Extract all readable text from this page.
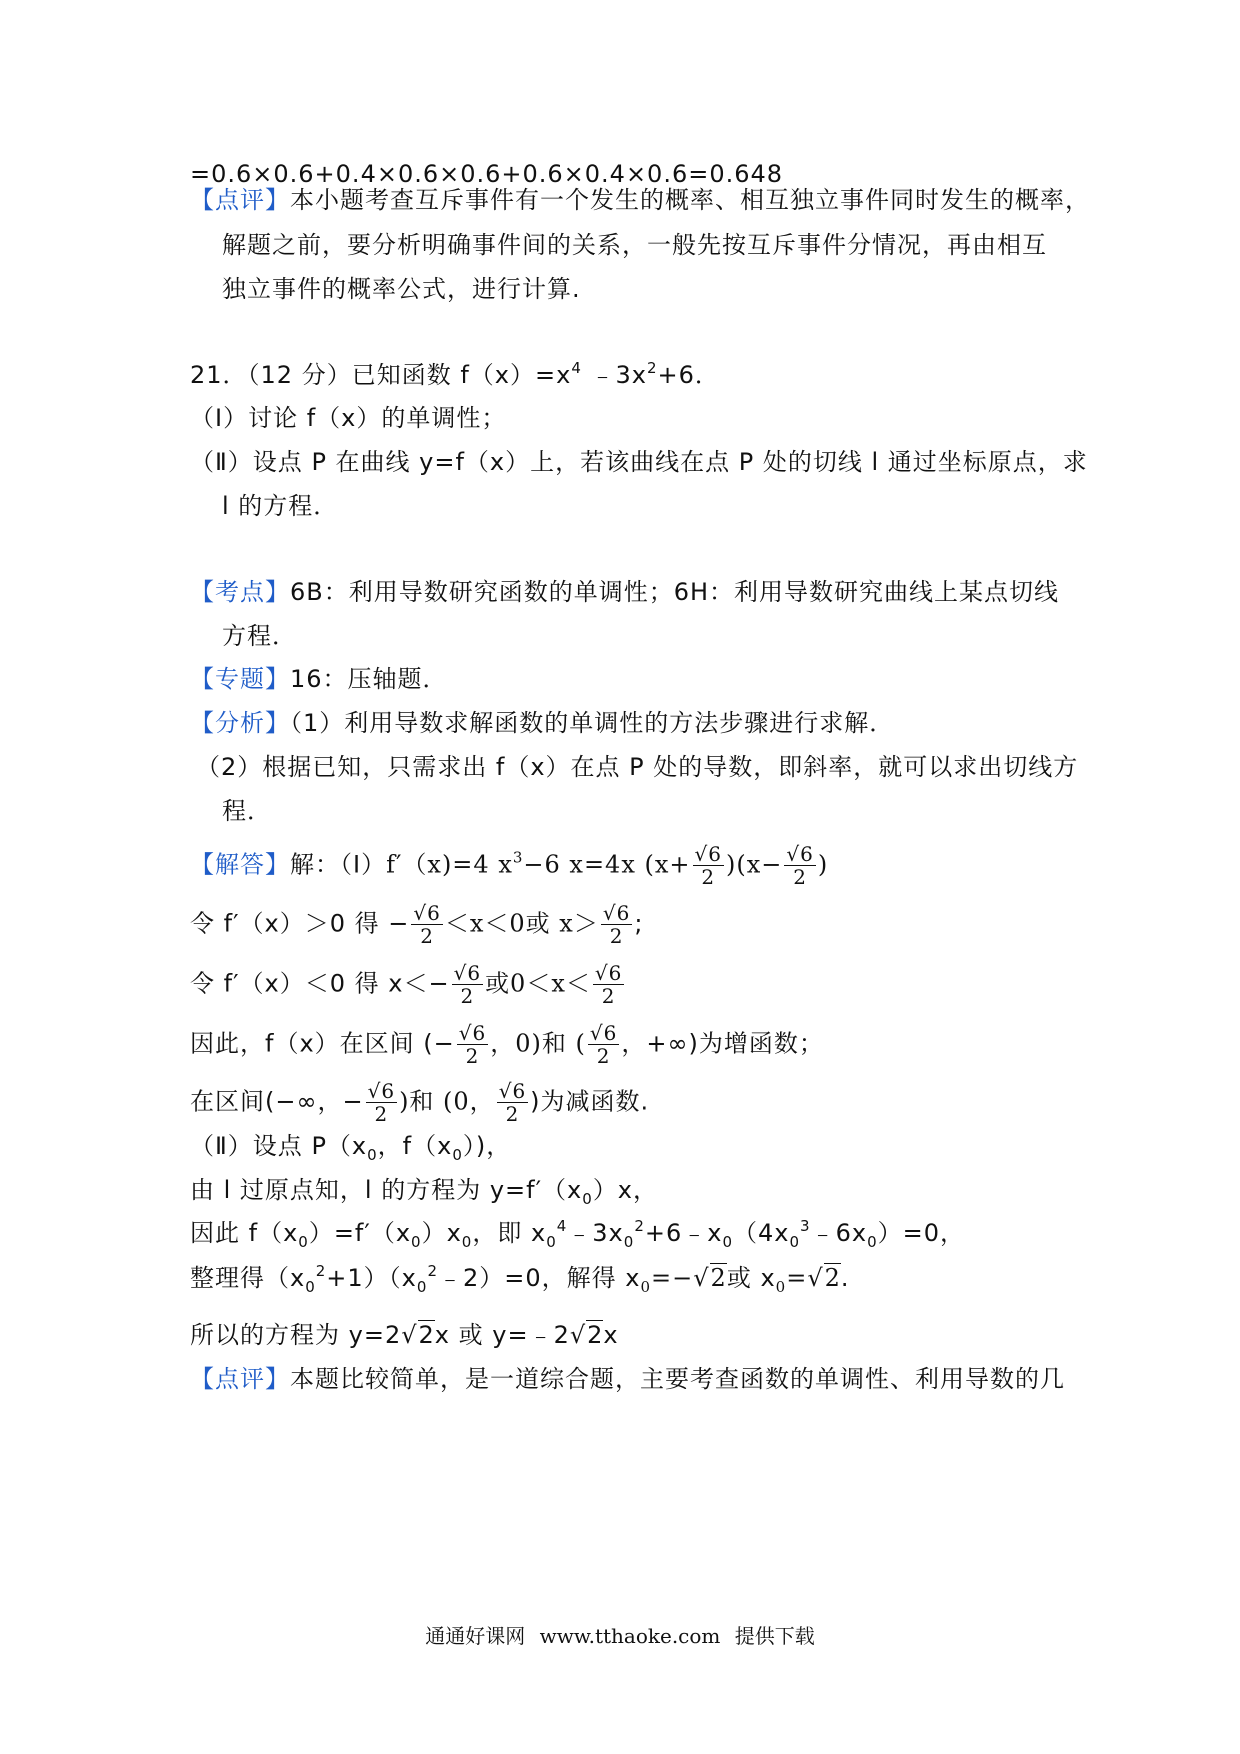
=0.6×0.6+0.4×0.6×0.6+0.6×0.4×0.6=0.648
【点评】本小题考查互斥事件有一个发生的概率、相互独立事件同时发生的概率，
解题之前，要分析明确事件间的关系，一般先按互斥事件分情况，再由相互
独立事件的概率公式，进行计算.
21．（12 分）已知函数 $f(x)=x^4$ $﹣3x^2+6$．
（Ⅰ）讨论 f（x）的单调性；
（Ⅱ）设点 P 在曲线 y=f（x）上，若该曲线在点 P 处的切线 l 通过坐标原点，求
l 的方程．
【考点】6B：利用导数研究函数的单调性；6H：利用导数研究曲线上某点切线
方程．
【专题】16：压轴题．
【分析】（1）利用导数求解函数的单调性的方法步骤进行求解．
（2）根据已知，只需求出 f（x）在点 P 处的导数，即斜率，就可以求出切线方
程．
【解答】解：（Ⅰ）f′（x)=4 $x^3-6$ x=4x $(x+ \frac{√6}{2} )(x- \frac{√6}{2}$ )
令 f′（x）＞0 得 − $\frac{√6}{2} <x<0$或 $x> \frac{√6}{2}$ ;
令 f′（x）＜0 得 $x<- \frac{√6}{2}$ 或$0<x< \frac{√6}{2}$
因此，f（x）在区间 (− $\frac{√6}{2}$ ，0)和 ( $\frac{√6}{2}$ ，+∞)为增函数；
在区间(−∞，− $\frac{√6}{2}$ )和 (0， $\frac{√6}{2}$ )为减函数.
（Ⅱ）设点 $P(x_0$，$f(x_0)$)，
由 l 过原点知，l 的方程为 $y=f'(x_0)x$，
因此 $f(x_0)=f'(x_0)x_0$，即 $x_0^4﹣3x_0^2+6﹣x_0(4x_0^3﹣6x_0)=0$，
整理得$(x_0^2+1)(x_0^2﹣2)=0$，解得 $x_0=-√2$或 $x_0=√2$.
所以的方程为 y=2√2x 或 y=﹣2√2x
【点评】本题比较简单，是一道综合题，主要考查函数的单调性、利用导数的几
通通好课网 www.tthaoke.com 提供下载
